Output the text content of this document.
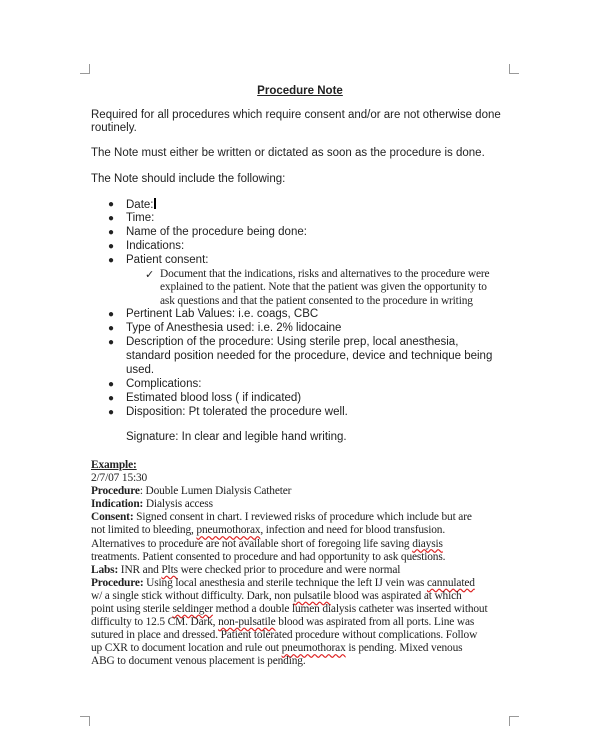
Procedure Note
Required for all procedures which require consent and/or are not otherwise done
routinely.
The Note must either be written or dictated as soon as the procedure is done.
The Note should include the following:
● Date:
● Time:
● Name of the procedure being done:
● Indications:
● Patient consent:
✓ Document that the indications, risks and alternatives to the procedure were
explained to the patient. Note that the patient was given the opportunity to
ask questions and that the patient consented to the procedure in writing
● Pertinent Lab Values: i.e. coags, CBC
● Type of Anesthesia used: i.e. 2% lidocaine
● Description of the procedure: Using sterile prep, local anesthesia,
standard position needed for the procedure, device and technique being
used.
● Complications:
● Estimated blood loss ( if indicated)
● Disposition: Pt tolerated the procedure well.
Signature: In clear and legible hand writing.
Example:
2/7/07 15:30
Procedure: Double Lumen Dialysis Catheter
Indication: Dialysis access
Consent: Signed consent in chart. I reviewed risks of procedure which include but are
not limited to bleeding, pneumothorax, infection and need for blood transfusion.
Alternatives to procedure are not available short of foregoing life saving diaysis
treatments. Patient consented to procedure and had opportunity to ask questions.
Labs: INR and Plts were checked prior to procedure and were normal
Procedure: Using local anesthesia and sterile technique the left IJ vein was cannulated
w/ a single stick without difficulty. Dark, non pulsatile blood was aspirated at which
point using sterile seldinger method a double lumen dialysis catheter was inserted without
difficulty to 12.5 CM. Dark, non-pulsatile blood was aspirated from all ports. Line was
sutured in place and dressed. Patient tolerated procedure without complications. Follow
up CXR to document location and rule out pneumothorax is pending. Mixed venous
ABG to document venous placement is pending.
